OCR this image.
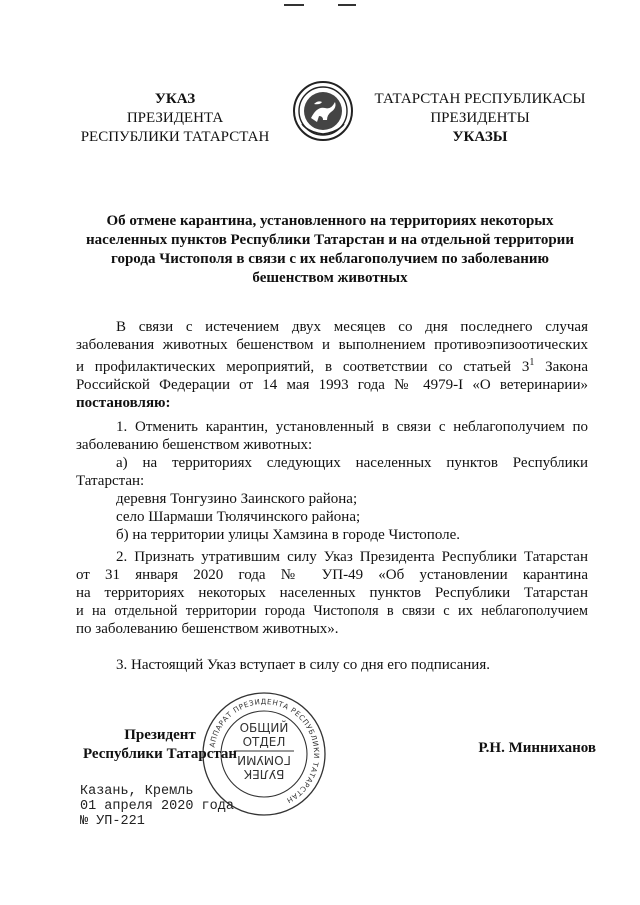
УКАЗ
ПРЕЗИДЕНТА
РЕСПУБЛИКИ ТАТАРСТАН
ТАТАРСТАН РЕСПУБЛИКАСЫ
ПРЕЗИДЕНТЫ
УКАЗЫ
Об отмене карантина, установленного на территориях некоторых
населенных пунктов Республики Татарстан и на отдельной территории
города Чистополя в связи с их неблагополучием по заболеванию
бешенством животных
В связи с истечением двух месяцев со дня последнего случая
заболевания животных бешенством и выполнением противоэпизоотических
и профилактических мероприятий, в соответствии со статьей $3^1$ Закона
Российской Федерации от 14 мая 1993 года № 4979-I «О ветеринарии»
постановляю:
1. Отменить карантин, установленный в связи с неблагополучием по
заболеванию бешенством животных:
а) на территориях следующих населенных пунктов Республики
Татарстан:
деревня Тонгузино Заинского района;
село Шармаши Тюлячинского района;
б) на территории улицы Хамзина в городе Чистополе.
2. Признать утратившим силу Указ Президента Республики Татарстан
от 31 января 2020 года № УП-49 «Об установлении карантина
на территориях некоторых населенных пунктов Республики Татарстан
и на отдельной территории города Чистополя в связи с их неблагополучием
по заболеванию бешенством животных».
3. Настоящий Указ вступает в силу со дня его подписания.
АППАРАТ ПРЕЗИДЕНТА РЕСПУБЛИКИ ТАТАРСТАН
ОБЩИЙ
ОТДЕЛ
БУЛЕК
ГОМУМИ
Президент
Республики Татарстан	Р.Н. Минниханов
Казань, Кремль
01 апреля 2020 года
№ УП-221
